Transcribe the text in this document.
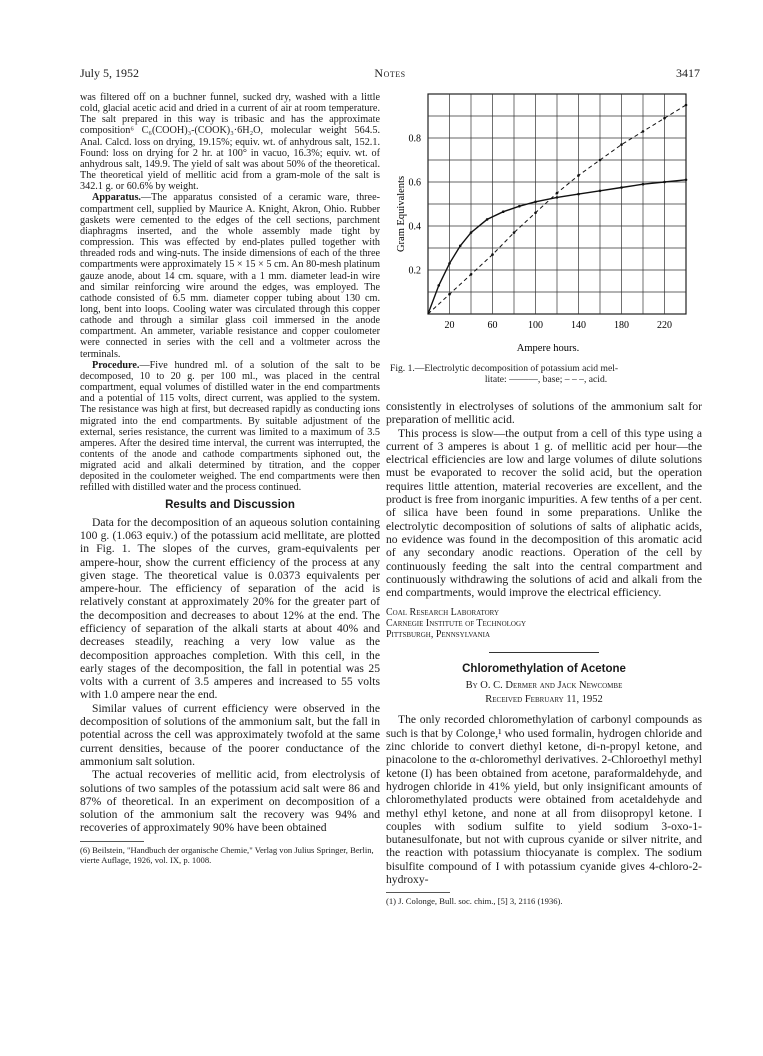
July 5, 1952	Notes	3417

was filtered off on a buchner funnel, sucked dry, washed with a little cold, glacial acetic acid and dried in a current of air at room temperature. The salt prepared in this way is tribasic and has the approximate composition⁶ C₆(COOH)₃-(COOK)₃·6H₂O, molecular weight 564.5. Anal. Calcd. loss on drying, 19.15%; equiv. wt. of anhydrous salt, 152.1. Found: loss on drying for 2 hr. at 100° in vacuo, 16.3%; equiv. wt. of anhydrous salt, 149.9. The yield of salt was about 50% of the theoretical. The theoretical yield of mellitic acid from a gram-mole of the salt is 342.1 g. or 60.6% by weight.

Apparatus.—The apparatus consisted of a ceramic ware, three-compartment cell, supplied by Maurice A. Knight, Akron, Ohio. Rubber gaskets were cemented to the edges of the cell sections, parchment diaphragms inserted, and the whole assembly made tight by compression. This was effected by end-plates pulled together with threaded rods and wing-nuts. The inside dimensions of each of the three compartments were approximately 15 × 15 × 5 cm. An 80-mesh platinum gauze anode, about 14 cm. square, with a 1 mm. diameter lead-in wire and similar reinforcing wire around the edges, was employed. The cathode consisted of 6.5 mm. diameter copper tubing about 130 cm. long, bent into loops. Cooling water was circulated through this copper cathode and through a similar glass coil immersed in the anode compartment. An ammeter, variable resistance and copper coulometer were connected in series with the cell and a voltmeter across the terminals.

Procedure.—Five hundred ml. of a solution of the salt to be decomposed, 10 to 20 g. per 100 ml., was placed in the central compartment, equal volumes of distilled water in the end compartments and a potential of 115 volts, direct current, was applied to the system. The resistance was high at first, but decreased rapidly as conducting ions migrated into the end compartments. By suitable adjustment of the external, series resistance, the current was limited to a maximum of 3.5 amperes. After the desired time interval, the current was interrupted, the contents of the anode and cathode compartments siphoned out, the migrated acid and alkali determined by titration, and the copper deposited in the coulometer weighed. The end compartments were then refilled with distilled water and the process continued.

Results and Discussion

Data for the decomposition of an aqueous solution containing 100 g. (1.063 equiv.) of the potassium acid mellitate, are plotted in Fig. 1. The slopes of the curves, gram-equivalents per ampere-hour, show the current efficiency of the process at any given stage. The theoretical value is 0.0373 equivalents per ampere-hour. The efficiency of separation of the acid is relatively constant at approximately 20% for the greater part of the decomposition and decreases to about 12% at the end. The efficiency of separation of the alkali starts at about 40% and decreases steadily, reaching a very low value as the decomposition approaches completion. With this cell, in the early stages of the decomposition, the fall in potential was 25 volts with a current of 3.5 amperes and increased to 55 volts with 1.0 ampere near the end.

Similar values of current efficiency were observed in the decomposition of solutions of the ammonium salt, but the fall in potential across the cell was approximately twofold at the same current densities, because of the poorer conductance of the ammonium salt solution.

The actual recoveries of mellitic acid, from electrolysis of solutions of two samples of the potassium acid salt were 86 and 87% of theoretical. In an experiment on decomposition of a solution of the ammonium salt the recovery was 94% and recoveries of approximately 90% have been obtained

(6) Beilstein, "Handbuch der organische Chemie," Verlag von Julius Springer, Berlin, vierte Auflage, 1926, vol. IX, p. 1008.

20	60	100	140	180	220
0.2
0.4
0.6
0.8
Ampere hours.
Gram Equivalents

Fig. 1.—Electrolytic decomposition of potassium acid mel-
litate: ———, base; – – –, acid.

consistently in electrolyses of solutions of the ammonium salt for preparation of mellitic acid.

This process is slow—the output from a cell of this type using a current of 3 amperes is about 1 g. of mellitic acid per hour—the electrical efficiencies are low and large volumes of dilute solutions must be evaporated to recover the solid acid, but the operation requires little attention, material recoveries are excellent, and the product is free from inorganic impurities. A few tenths of a per cent. of silica have been found in some preparations. Unlike the electrolytic decomposition of solutions of salts of aliphatic acids, no evidence was found in the decomposition of this aromatic acid of any secondary anodic reactions. Operation of the cell by continuously feeding the salt into the central compartment and continuously withdrawing the solutions of acid and alkali from the end compartments, would improve the electrical efficiency.

Coal Research Laboratory
Carnegie Institute of Technology
Pittsburgh, Pennsylvania
Chloromethylation of Acetone
By O. C. Dermer and Jack Newcombe
Received February 11, 1952

The only recorded chloromethylation of carbonyl compounds as such is that by Colonge,¹ who used formalin, hydrogen chloride and zinc chloride to convert diethyl ketone, di-n-propyl ketone, and pinacolone to the α-chloromethyl derivatives. 2-Chloroethyl methyl ketone (I) has been obtained from acetone, paraformaldehyde, and hydrogen chloride in 41% yield, but only insignificant amounts of chloromethylated products were obtained from acetaldehyde and methyl ethyl ketone, and none at all from diisopropyl ketone. I couples with sodium sulfite to yield sodium 3-oxo-1-butanesulfonate, but not with cuprous cyanide or silver nitrite, and the reaction with potassium thiocyanate is complex. The sodium bisulfite compound of I with potassium cyanide gives 4-chloro-2-hydroxy-

(1) J. Colonge, Bull. soc. chim., [5] 3, 2116 (1936).
